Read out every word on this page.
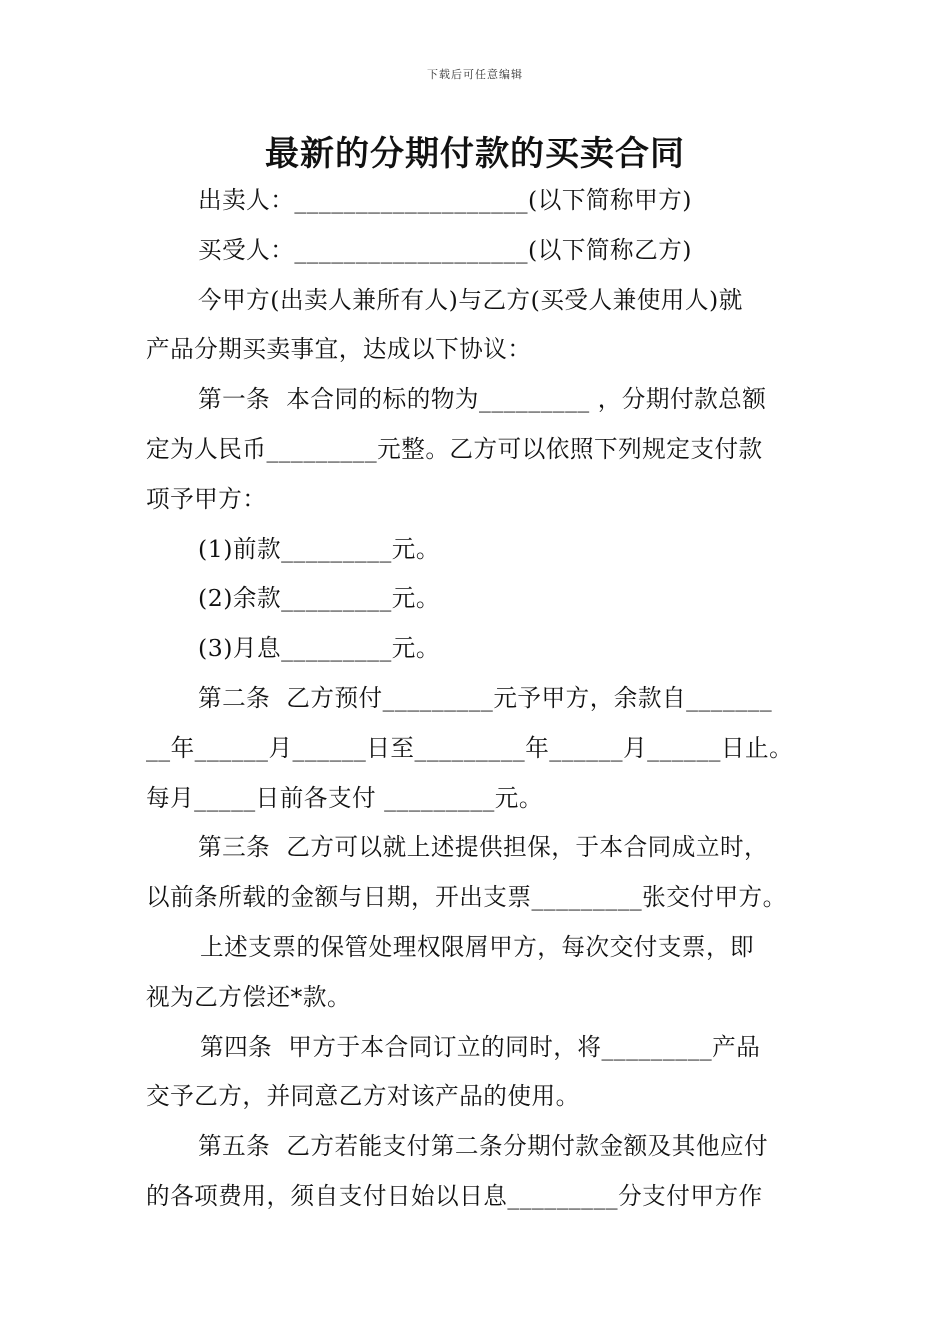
下载后可任意编辑
最新的分期付款的买卖合同
出卖人：___________________(以下简称甲方)
买受人：___________________(以下简称乙方)
今甲方(出卖人兼所有人)与乙方(买受人兼使用人)就
产品分期买卖事宜，达成以下协议：
第一条  本合同的标的物为_________ ，分期付款总额
定为人民币_________元整。乙方可以依照下列规定支付款
项予甲方：
(1)前款_________元。
(2)余款_________元。
(3)月息_________元。
第二条  乙方预付_________元予甲方，余款自_______
__年______月______日至_________年______月______日止。
每月_____日前各支付 _________元。
第三条  乙方可以就上述提供担保，于本合同成立时，
以前条所载的金额与日期，开出支票_________张交付甲方。
上述支票的保管处理权限屑甲方，每次交付支票，即
视为乙方偿还*款。
第四条  甲方于本合同订立的同时，将_________产品
交予乙方，并同意乙方对该产品的使用。
第五条  乙方若能支付第二条分期付款金额及其他应付
的各项费用，须自支付日始以日息_________分支付甲方作
